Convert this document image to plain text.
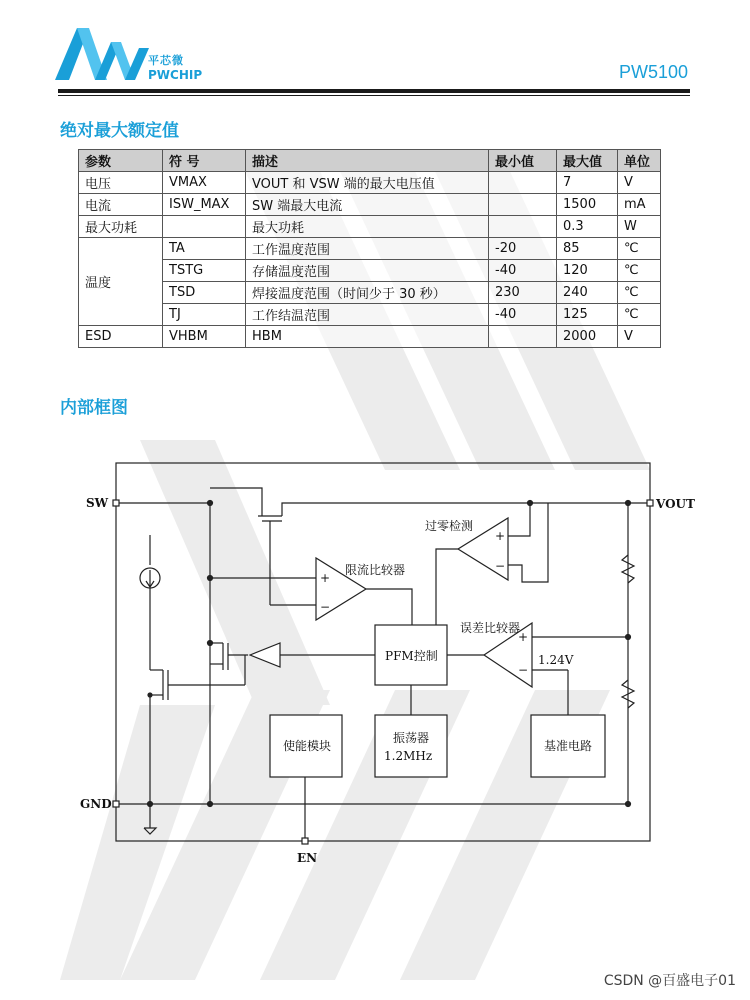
平芯微
PWCHIP	PW5100
绝对最大额定值
参数	符 号	描述	最小值	最大值	单位
电压	VMAX	VOUT 和 VSW 端的最大电压值		7	V
电流	ISW_MAX	SW 端最大电流		1500	mA
最大功耗		最大功耗		0.3	W
温度	TA	工作温度范围	-20	85	℃
	TSTG	存储温度范围	-40	120	℃
	TSD	焊接温度范围（时间少于 30 秒）	230	240	℃
	TJ	工作结温范围	-40	125	℃
ESD	VHBM	HBM		2000	V
内部框图
SW	VOUT
GND
EN
过零检测
限流比较器
误差比较器
PFM控制	1.24V
使能模块
振荡器
1.2MHz
基准电路
+
−
+
−
+
−
CSDN @百盛电子01
